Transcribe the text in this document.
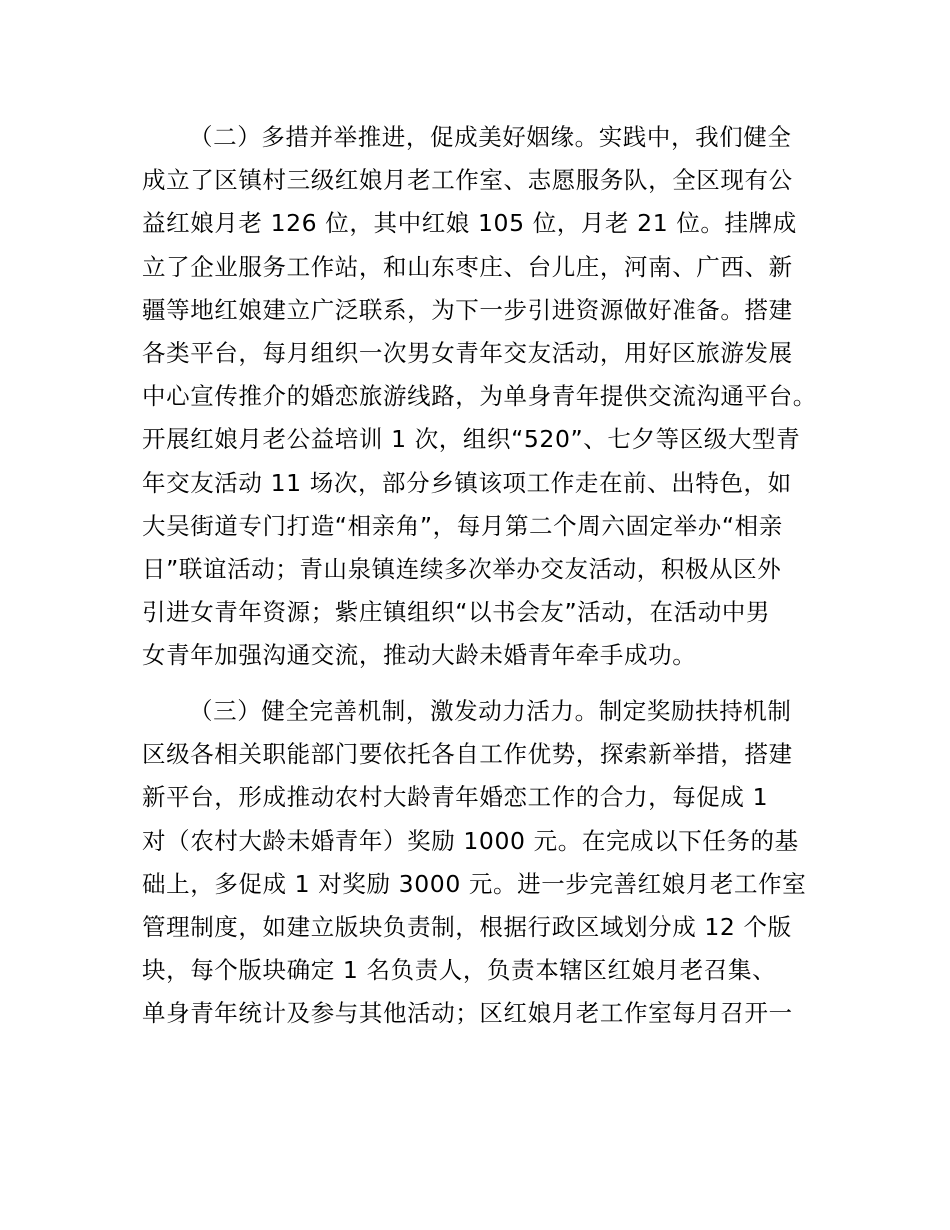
（二）多措并举推进，促成美好姻缘。实践中，我们健全
成立了区镇村三级红娘月老工作室、志愿服务队，全区现有公
益红娘月老 126 位，其中红娘 105 位，月老 21 位。挂牌成
立了企业服务工作站，和山东枣庄、台儿庄，河南、广西、新
疆等地红娘建立广泛联系，为下一步引进资源做好准备。搭建
各类平台，每月组织一次男女青年交友活动，用好区旅游发展
中心宣传推介的婚恋旅游线路，为单身青年提供交流沟通平台。
开展红娘月老公益培训 1 次，组织“520”、七夕等区级大型青
年交友活动 11 场次，部分乡镇该项工作走在前、出特色，如
大吴街道专门打造“相亲角”，每月第二个周六固定举办“相亲
日”联谊活动；青山泉镇连续多次举办交友活动，积极从区外
引进女青年资源；紫庄镇组织“以书会友”活动，在活动中男
女青年加强沟通交流，推动大龄未婚青年牵手成功。
（三）健全完善机制，激发动力活力。制定奖励扶持机制
区级各相关职能部门要依托各自工作优势，探索新举措，搭建
新平台，形成推动农村大龄青年婚恋工作的合力，每促成 1
对（农村大龄未婚青年）奖励 1000 元。在完成以下任务的基
础上，多促成 1 对奖励 3000 元。进一步完善红娘月老工作室
管理制度，如建立版块负责制，根据行政区域划分成 12 个版
块，每个版块确定 1 名负责人，负责本辖区红娘月老召集、
单身青年统计及参与其他活动；区红娘月老工作室每月召开一
